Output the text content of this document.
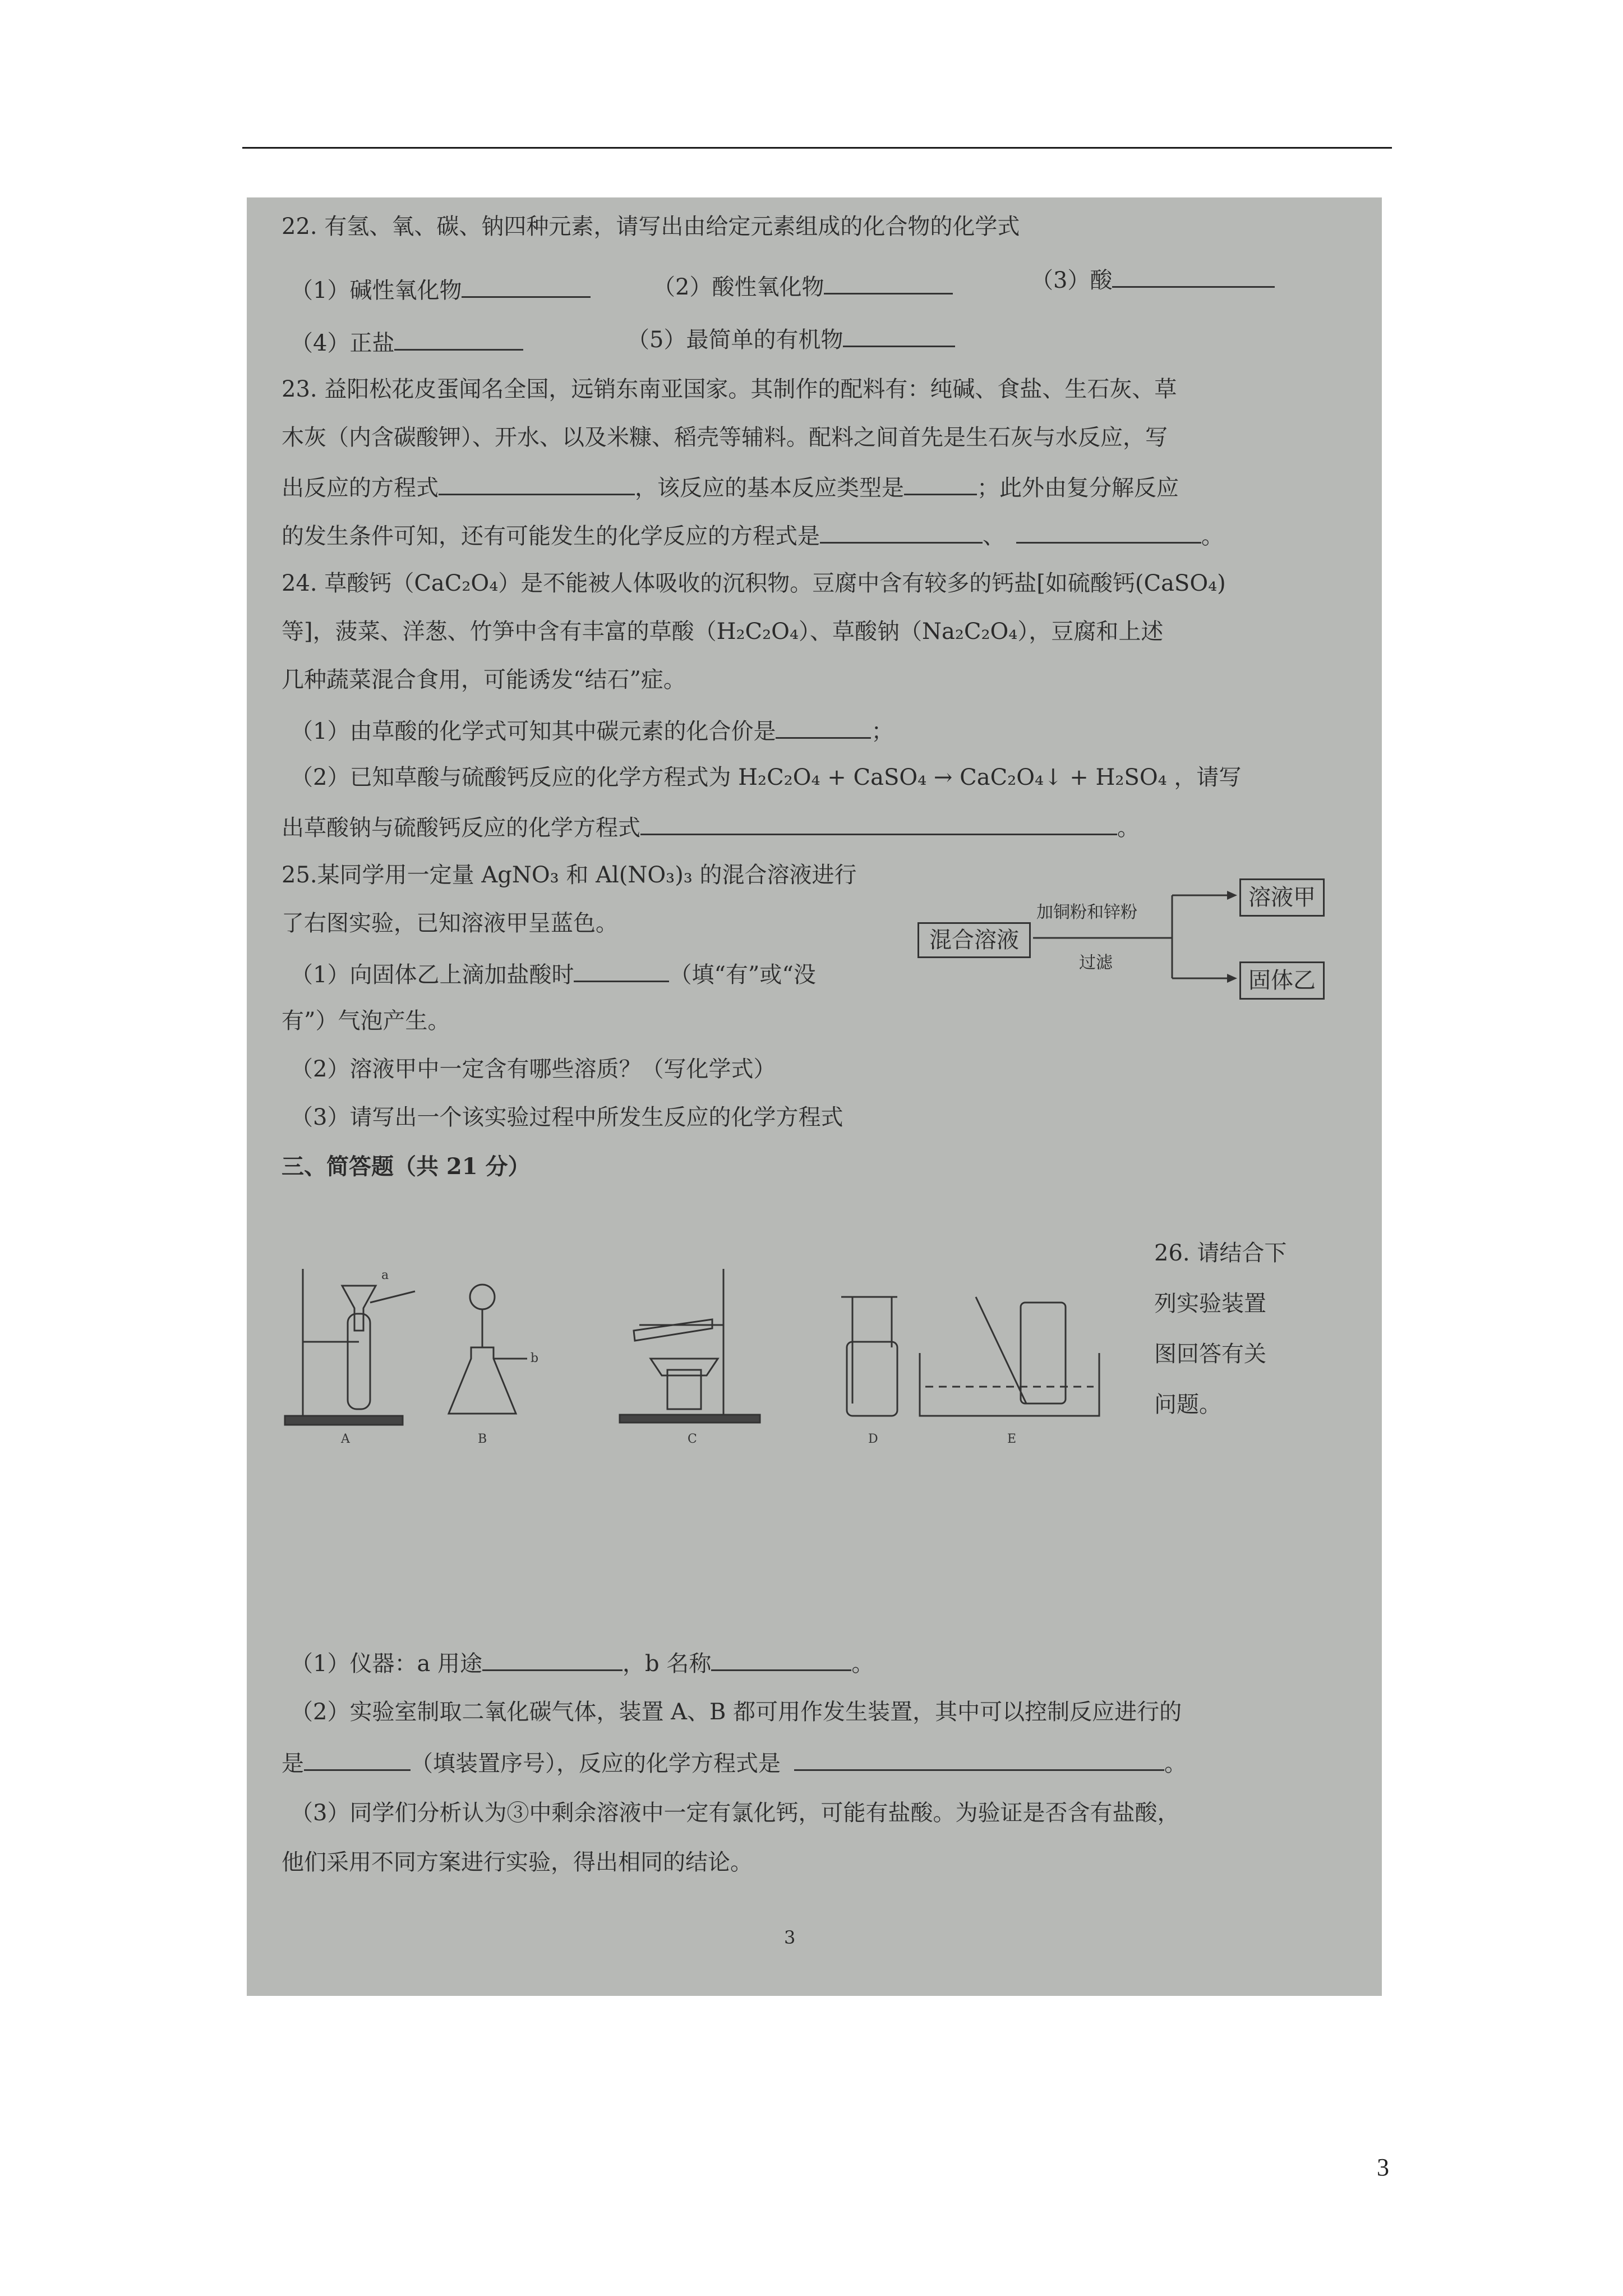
22. 有氢、氧、碳、钠四种元素，请写出由给定元素组成的化合物的化学式
（1）碱性氧化物	（2）酸性氧化物	（3）酸
（4）正盐	（5）最简单的有机物
23. 益阳松花皮蛋闻名全国，远销东南亚国家。其制作的配料有：纯碱、食盐、生石灰、草
木灰（内含碳酸钾）、开水、以及米糠、稻壳等辅料。配料之间首先是生石灰与水反应，写
出反应的方程式	，该反应的基本反应类型是	；此外由复分解反应
的发生条件可知，还有可能发生的化学反应的方程式是	、	。
24. 草酸钙（CaC₂O₄）是不能被人体吸收的沉积物。豆腐中含有较多的钙盐[如硫酸钙(CaSO₄)
等]，菠菜、洋葱、竹笋中含有丰富的草酸（H₂C₂O₄）、草酸钠（Na₂C₂O₄），豆腐和上述
几种蔬菜混合食用，可能诱发“结石”症。
（1）由草酸的化学式可知其中碳元素的化合价是	；
（2）已知草酸与硫酸钙反应的化学方程式为 H₂C₂O₄ + CaSO₄ → CaC₂O₄↓ + H₂SO₄ ，请写
出草酸钠与硫酸钙反应的化学方程式	。
25.某同学用一定量 AgNO₃ 和 Al(NO₃)₃ 的混合溶液进行
了右图实验，已知溶液甲呈蓝色。
（1）向固体乙上滴加盐酸时	（填“有”或“没
有”）气泡产生。
（2）溶液甲中一定含有哪些溶质？（写化学式）
（3）请写出一个该实验过程中所发生反应的化学方程式
混合溶液
加铜粉和锌粉
过滤
溶液甲
固体乙
三、简答题（共 21 分）
26. 请结合下
列实验装置
图回答有关
问题。
a
b
A	B	C	D	E
（1）仪器：a 用途	，b 名称	。
（2）实验室制取二氧化碳气体，装置 A、B 都可用作发生装置，其中可以控制反应进行的
是	（填装置序号），反应的化学方程式是	。
（3）同学们分析认为③中剩余溶液中一定有氯化钙，可能有盐酸。为验证是否含有盐酸，
他们采用不同方案进行实验，得出相同的结论。
3
3
